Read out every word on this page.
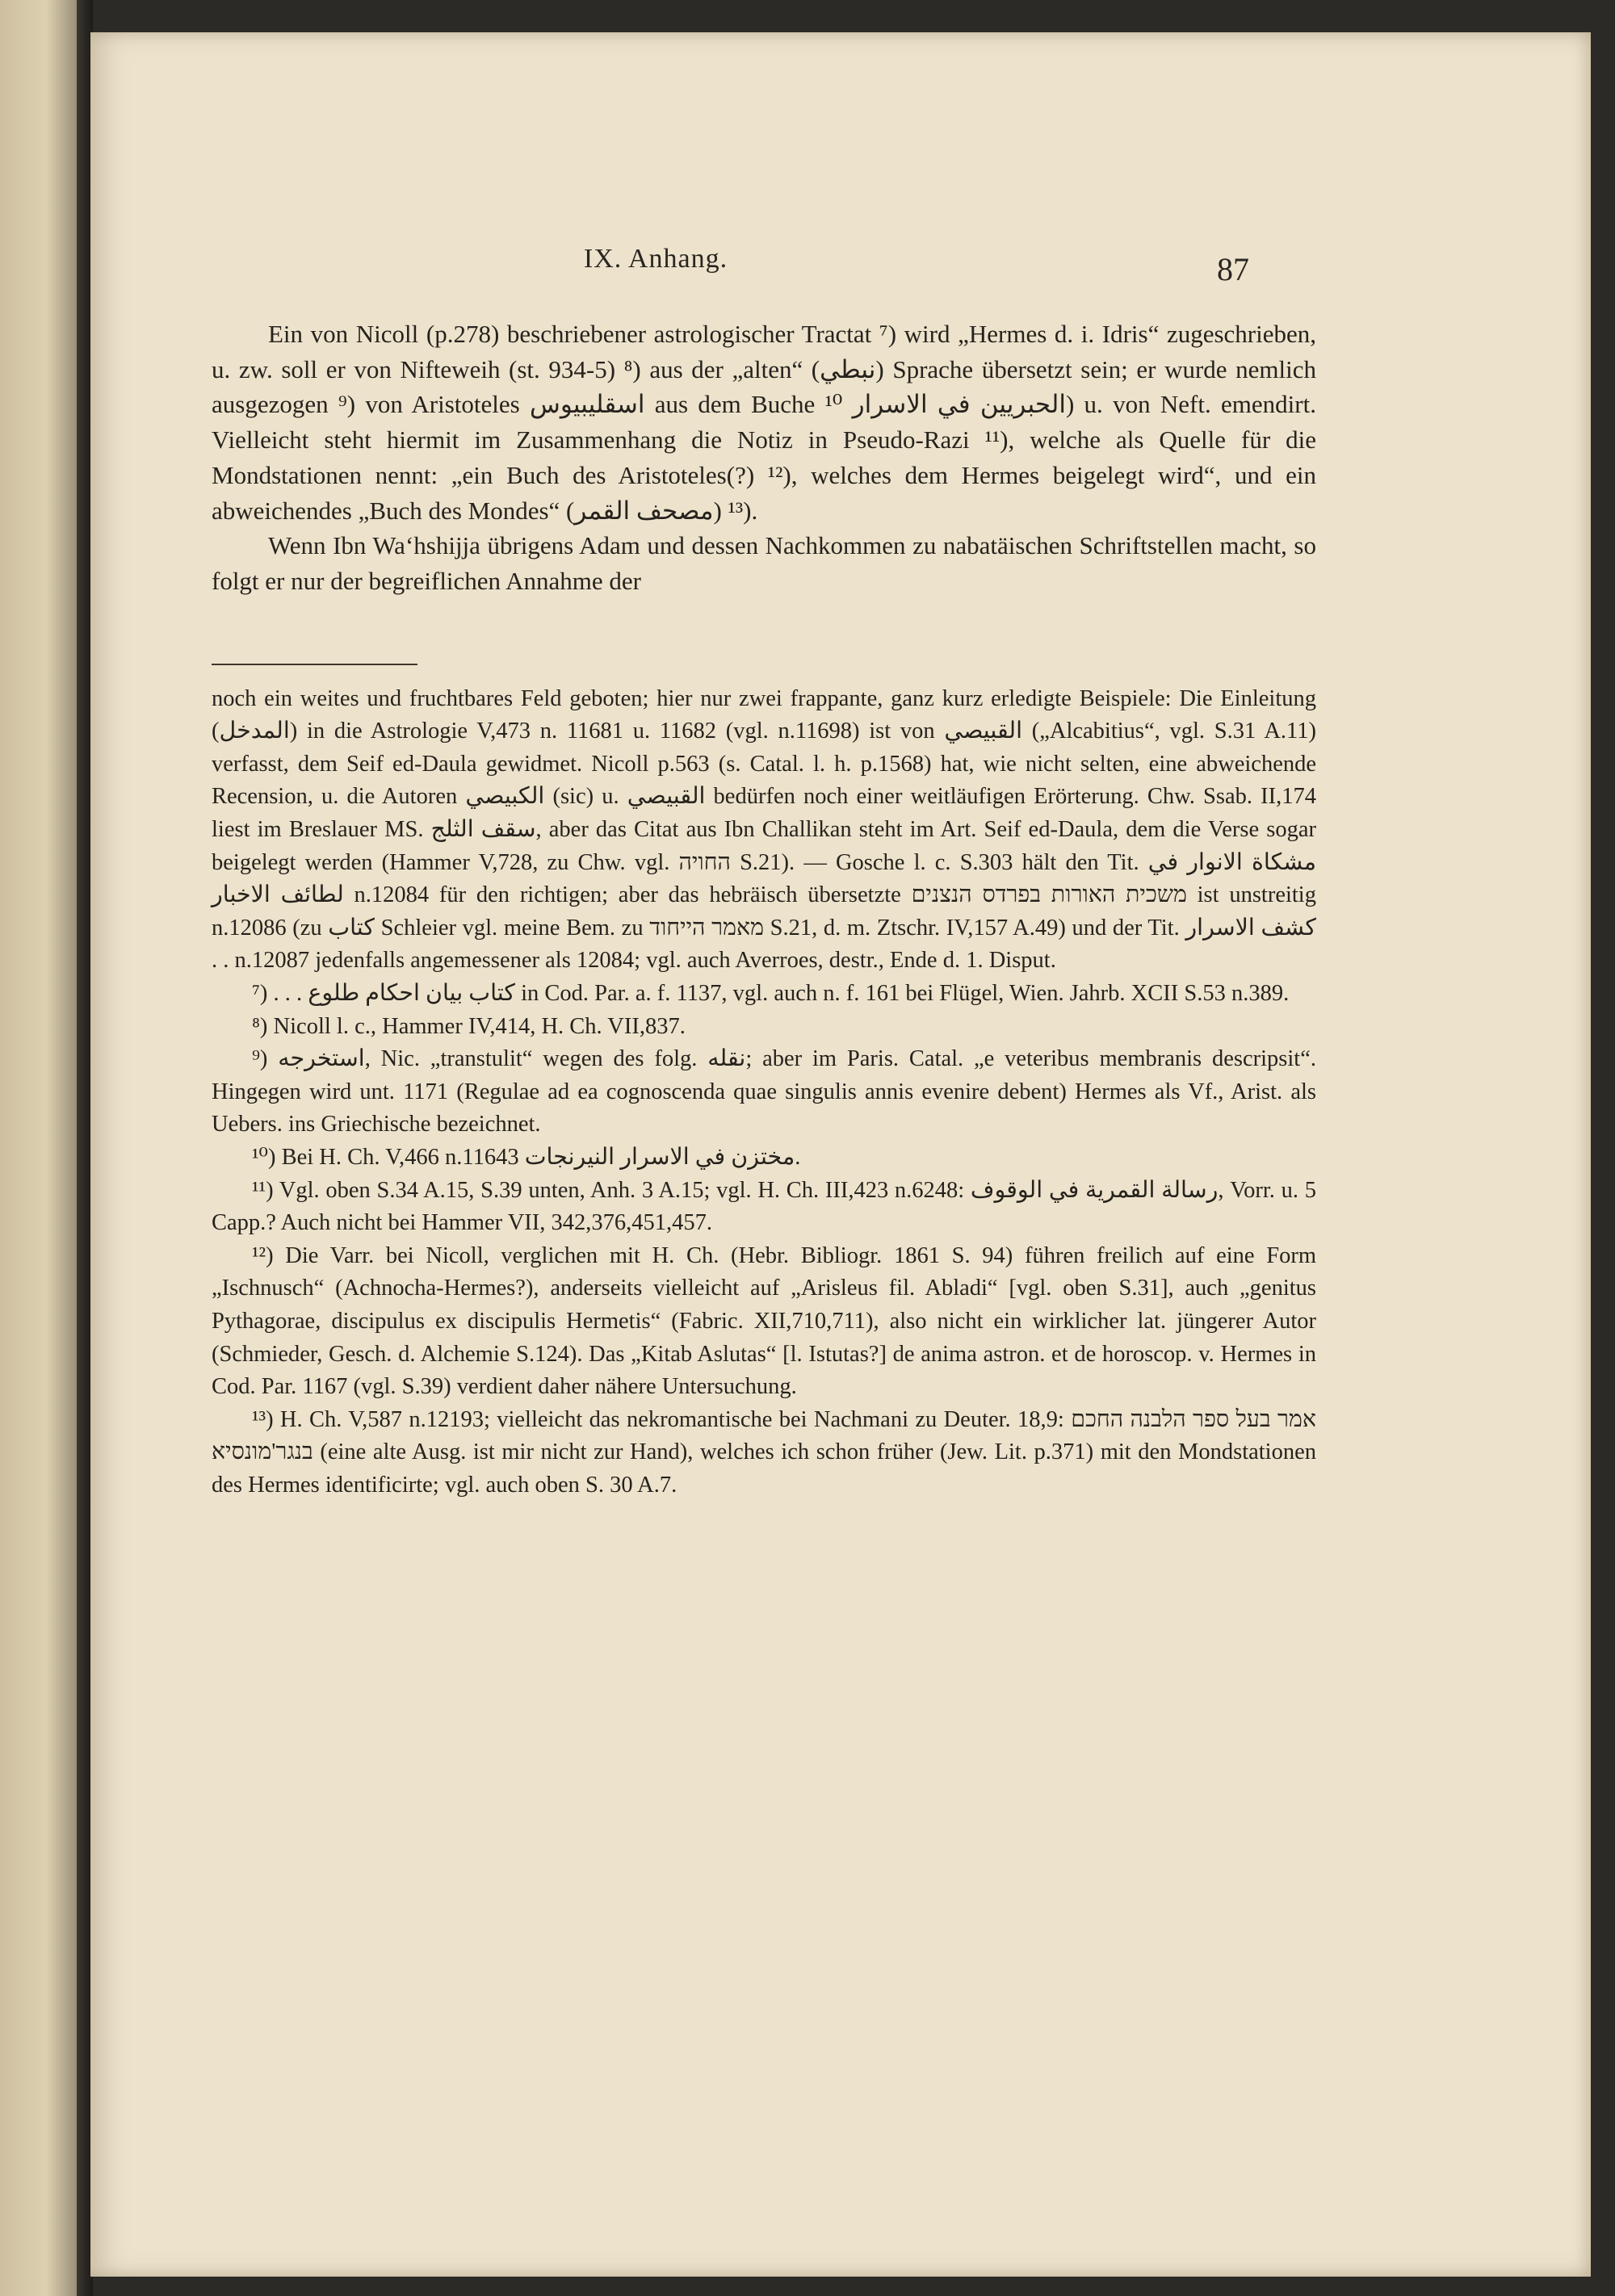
IX. Anhang.	87

Ein von Nicoll (p.278) beschriebener astrologischer Tractat ⁷) wird „Hermes d. i. Idris“ zugeschrieben, u. zw. soll er von Nifteweih (st. 934-5) ⁸) aus der „alten“ (نبطي) Sprache übersetzt sein; er wurde nemlich ausgezogen ⁹) von Aristoteles اسقليبيوس aus dem Buche الحبريين في الاسرار ¹⁰) u. von Neft. emendirt. Vielleicht steht hiermit im Zusammenhang die Notiz in Pseudo-Razi ¹¹), welche als Quelle für die Mondstationen nennt: „ein Buch des Aristoteles(?) ¹²), welches dem Hermes beigelegt wird“, und ein abweichendes „Buch des Mondes“ (مصحف القمر) ¹³).

Wenn Ibn Wa‘hshijja übrigens Adam und dessen Nachkommen zu nabatäischen Schriftstellen macht, so folgt er nur der begreiflichen Annahme der

noch ein weites und fruchtbares Feld geboten; hier nur zwei frappante, ganz kurz erledigte Beispiele: Die Einleitung (المدخل) in die Astrologie V,473 n. 11681 u. 11682 (vgl. n.11698) ist von القبيصي („Alcabitius“, vgl. S.31 A.11) verfasst, dem Seif ed-Daula gewidmet. Nicoll p.563 (s. Catal. l. h. p.1568) hat, wie nicht selten, eine abweichende Recension, u. die Autoren الكبيصي (sic) u. القبيصي bedürfen noch einer weitläufigen Erörterung. Chw. Ssab. II,174 liest im Breslauer MS. سقف الثلج, aber das Citat aus Ibn Challikan steht im Art. Seif ed-Daula, dem die Verse sogar beigelegt werden (Hammer V,728, zu Chw. vgl. החויה S.21). — Gosche l. c. S.303 hält den Tit. مشكاة الانوار في لطائف الاخبار n.12084 für den richtigen; aber das hebräisch übersetzte משכית האורות בפרדס הנצנים ist unstreitig n.12086 (zu كتاب Schleier vgl. meine Bem. zu מאמר הייחוד S.21, d. m. Ztschr. IV,157 A.49) und der Tit. كشف الاسرار . . n.12087 jedenfalls angemessener als 12084; vgl. auch Averroes, destr., Ende d. 1. Disput.

⁷) . . . كتاب بيان احكام طلوع in Cod. Par. a. f. 1137, vgl. auch n. f. 161 bei Flügel, Wien. Jahrb. XCII S.53 n.389.

⁸) Nicoll l. c., Hammer IV,414, H. Ch. VII,837.

⁹) استخرجه, Nic. „transtulit“ wegen des folg. نقله; aber im Paris. Catal. „e veteribus membranis descripsit“. Hingegen wird unt. 1171 (Regulae ad ea cognoscenda quae singulis annis evenire debent) Hermes als Vf., Arist. als Uebers. ins Griechische bezeichnet.

¹⁰) Bei H. Ch. V,466 n.11643 مختزن في الاسرار النيرنجات.

¹¹) Vgl. oben S.34 A.15, S.39 unten, Anh. 3 A.15; vgl. H. Ch. III,423 n.6248: رسالة القمرية في الوقوف, Vorr. u. 5 Capp.? Auch nicht bei Hammer VII, 342,376,451,457.

¹²) Die Varr. bei Nicoll, verglichen mit H. Ch. (Hebr. Bibliogr. 1861 S. 94) führen freilich auf eine Form „Ischnusch“ (Achnocha-Hermes?), anderseits vielleicht auf „Arisleus fil. Abladi“ [vgl. oben S.31], auch „genitus Pythagorae, discipulus ex discipulis Hermetis“ (Fabric. XII,710,711), also nicht ein wirklicher lat. jüngerer Autor (Schmieder, Gesch. d. Alchemie S.124). Das „Kitab Aslutas“ [l. Istutas?] de anima astron. et de horoscop. v. Hermes in Cod. Par. 1167 (vgl. S.39) verdient daher nähere Untersuchung.

¹³) H. Ch. V,587 n.12193; vielleicht das nekromantische bei Nachmani zu Deuter. 18,9: אמר בעל ספר הלבנה החכם בנגר'מונסיא (eine alte Ausg. ist mir nicht zur Hand), welches ich schon früher (Jew. Lit. p.371) mit den Mondstationen des Hermes identificirte; vgl. auch oben S. 30 A.7.
